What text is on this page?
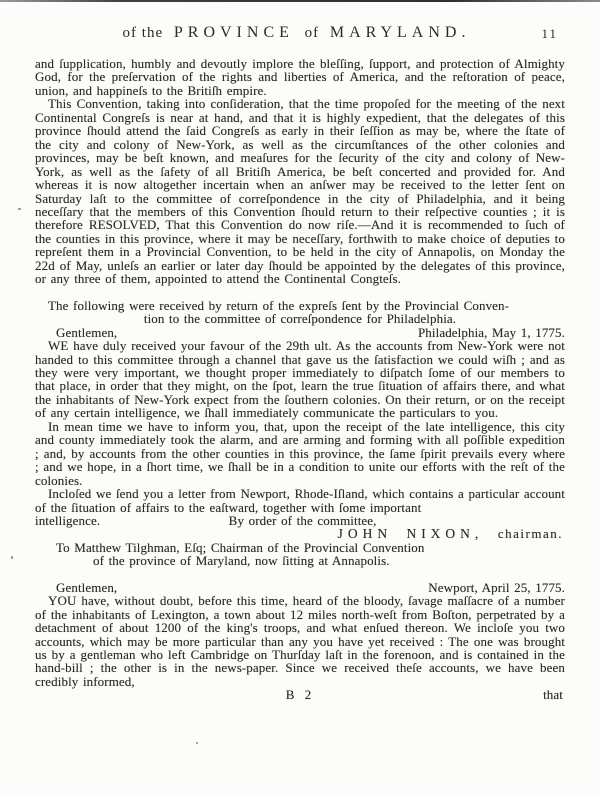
of the PROVINCE of MARYLAND.	11

and ſupplication, humbly and devoutly implore the bleſſing, ſupport, and protection of Almighty God, for the preſervation of the rights and liberties of America, and the reſtoration of peace, union, and happineſs to the Britiſh empire.

This Convention, taking into conſideration, that the time propoſed for the meeting of the next Continental Congreſs is near at hand, and that it is highly expedient, that the delegates of this province ſhould attend the ſaid Congreſs as early in their ſeſſion as may be, where the ſtate of the city and colony of New-York, as well as the circumſtances of the other colonies and provinces, may be beſt known, and meaſures for the ſecurity of the city and colony of New-York, as well as the ſafety of all Britiſh America, be beſt concerted and provided for. And whereas it is now altogether incertain when an anſwer may be received to the letter ſent on Saturday laſt to the committee of correſpondence in the city of Philadelphia, and it being neceſſary that the members of this Convention ſhould return to their reſpective counties ; it is therefore RESOLVED, That this Convention do now riſe.—And it is recommended to ſuch of the counties in this province, where it may be neceſſary, forthwith to make choice of deputies to repreſent them in a Provincial Convention, to be held in the city of Annapolis, on Monday the 22d of May, unleſs an earlier or later day ſhould be appointed by the delegates of this province, or any three of them, appointed to attend the Continental Congteſs.

The following were received by return of the expreſs ſent by the Provincial Conven-

tion to the committee of correſpondence for Philadelphia.

Gentlemen,	Philadelphia, May 1, 1775.

WE have duly received your favour of the 29th ult. As the accounts from New-York were not handed to this committee through a channel that gave us the ſatisfaction we could wiſh ; and as they were very important, we thought proper immediately to diſpatch ſome of our members to that place, in order that they might, on the ſpot, learn the true ſituation of affairs there, and what the inhabitants of New-York expect from the ſouthern colonies. On their return, or on the receipt of any certain intelligence, we ſhall immediately communicate the particulars to you.

In mean time we have to inform you, that, upon the receipt of the late intelligence, this city and county immediately took the alarm, and are arming and forming with all poſſible expedition ; and, by accounts from the other counties in this province, the ſame ſpirit prevails every where ; and we hope, in a ſhort time, we ſhall be in a condition to unite our efforts with the reſt of the colonies.

Incloſed we ſend you a letter from Newport, Rhode-Iſland, which contains a particular account of the ſituation of affairs to the eaſtward, together with ſome important

intelligence.	By order of the committee,
JOHN NIXON, chairman.

To Matthew Tilghman, Eſq; Chairman of the Provincial Convention

of the province of Maryland, now ſitting at Annapolis.

Gentlemen,	Newport, April 25, 1775.

YOU have, without doubt, before this time, heard of the bloody, ſavage maſſacre of a number of the inhabitants of Lexington, a town about 12 miles north-weſt from Boſton, perpetrated by a detachment of about 1200 of the king's troops, and what enſued thereon. We incloſe you two accounts, which may be more particular than any you have yet received : The one was brought us by a gentleman who left Cambridge on Thurſday laſt in the forenoon, and is contained in the hand-bill ; the other is in the news-paper. Since we received theſe accounts, we have been credibly informed,

B 2	that
